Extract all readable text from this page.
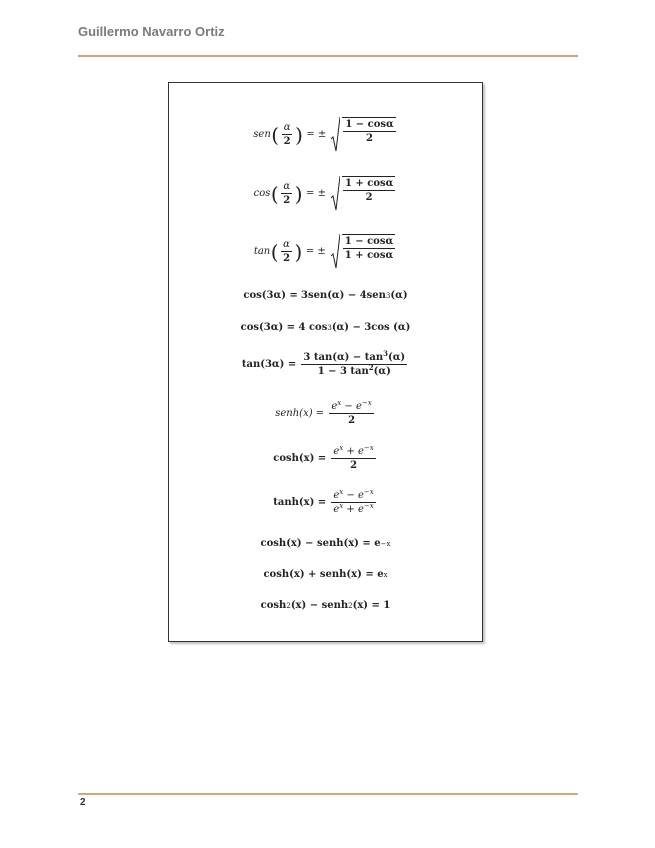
Guillermo Navarro Ortiz
sen ( $\frac{\alpha}{2}$ ) = ± $\frac{1 - \cos\alpha}{2}$
cos ( $\frac{\alpha}{2}$ ) = ± $\frac{1 + \cos\alpha}{2}$
tan ( $\frac{\alpha}{2}$ ) = ± $\frac{1 - \cos\alpha}{1 + \cos\alpha}$
cos(3α) =
3sen(α) − 4sen 3 (α)
cos(3α) = 4 cos 3 (α) − 3cos (α)
tan(3α) =
$\frac{3 \tan(\alpha) - \tan^3(\alpha)}{1 - 3 \tan^2(\alpha)}$
senh(x) =
$\frac{e^x - e^{-x}}{2}$
cosh(x) =
$\frac{e^x + e^{-x}}{2}$
tanh(x) =
$\frac{e^x - e^{-x}}{e^x + e^{-x}}$
cosh(x) − senh(x) = e −x
cosh(x) + senh(x) = e x
cosh 2 (x) − senh 2 (x) = 1
2
